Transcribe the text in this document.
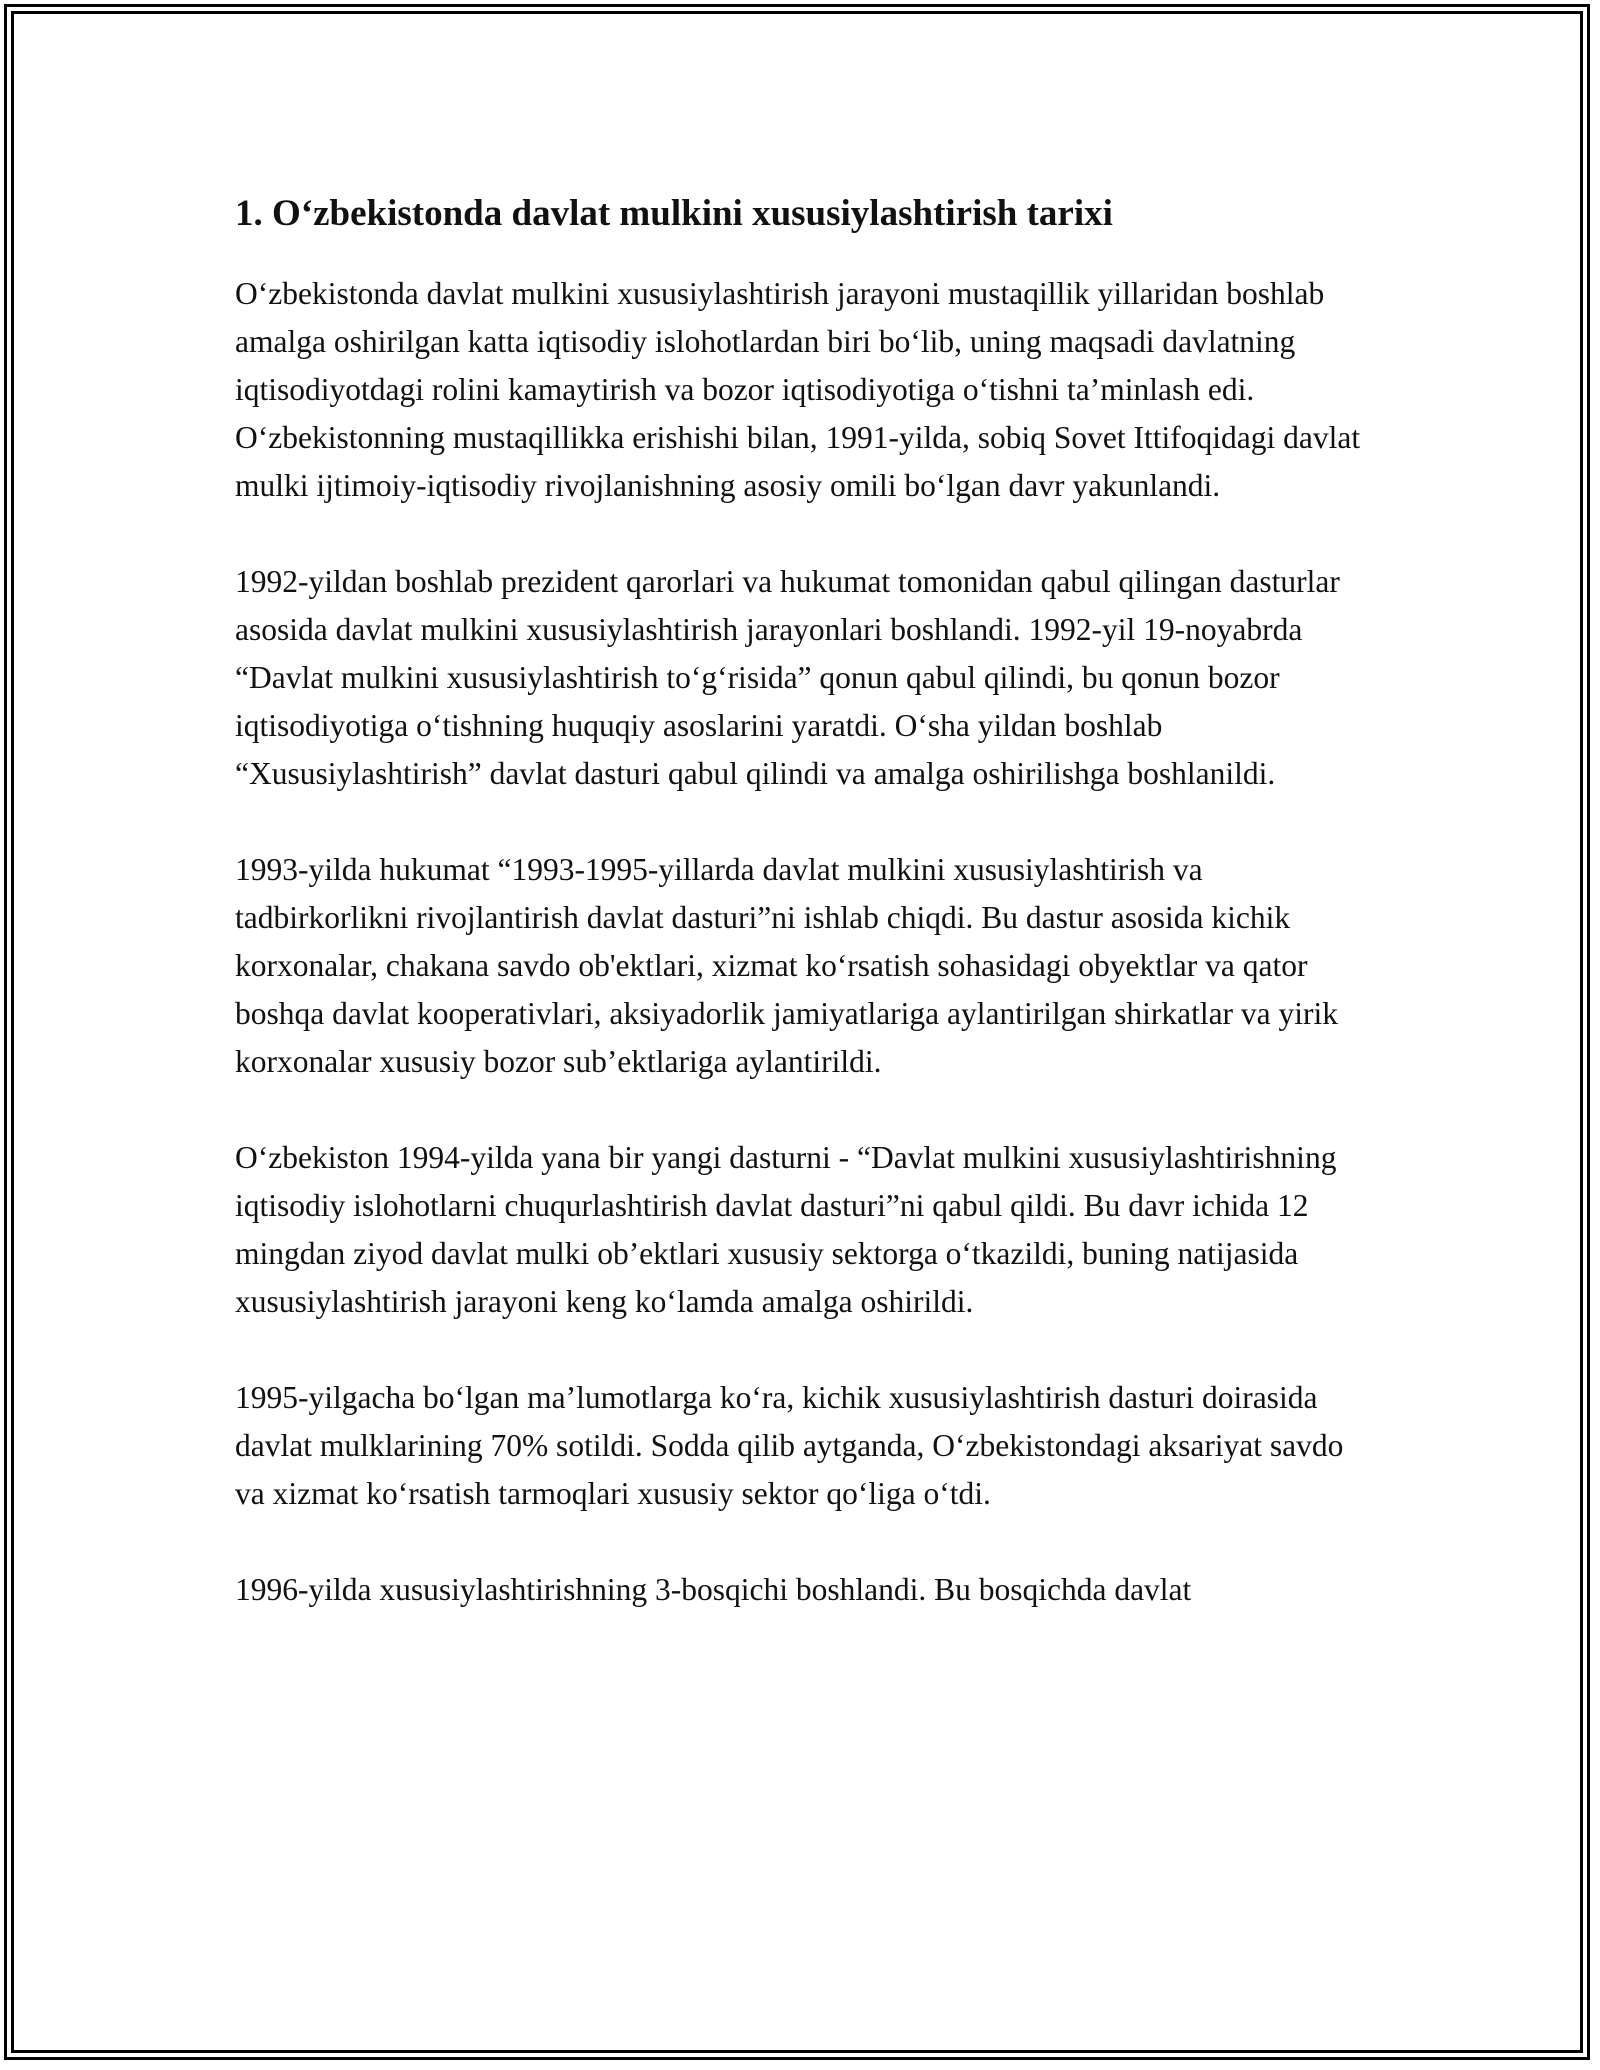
1. O‘zbekistonda davlat mulkini xususiylashtirish tarixi

O‘zbekistonda davlat mulkini xususiylashtirish jarayoni mustaqillik yillaridan boshlab amalga oshirilgan katta iqtisodiy islohotlardan biri bo‘lib, uning maqsadi davlatning iqtisodiyotdagi rolini kamaytirish va bozor iqtisodiyotiga o‘tishni ta’minlash edi. O‘zbekistonning mustaqillikka erishishi bilan, 1991-yilda, sobiq Sovet Ittifoqidagi davlat mulki ijtimoiy-iqtisodiy rivojlanishning asosiy omili bo‘lgan davr yakunlandi.

1992-yildan boshlab prezident qarorlari va hukumat tomonidan qabul qilingan dasturlar asosida davlat mulkini xususiylashtirish jarayonlari boshlandi. 1992-yil 19-noyabrda “Davlat mulkini xususiylashtirish to‘g‘risida” qonun qabul qilindi, bu qonun bozor iqtisodiyotiga o‘tishning huquqiy asoslarini yaratdi. O‘sha yildan boshlab “Xususiylashtirish” davlat dasturi qabul qilindi va amalga oshirilishga boshlanildi.

1993-yilda hukumat “1993-1995-yillarda davlat mulkini xususiylashtirish va tadbirkorlikni rivojlantirish davlat dasturi”ni ishlab chiqdi. Bu dastur asosida kichik korxonalar, chakana savdo ob'ektlari, xizmat ko‘rsatish sohasidagi obyektlar va qator boshqa davlat kooperativlari, aksiyadorlik jamiyatlariga aylantirilgan shirkatlar va yirik korxonalar xususiy bozor sub’ektlariga aylantirildi.

O‘zbekiston 1994-yilda yana bir yangi dasturni - “Davlat mulkini xususiylashtirishning iqtisodiy islohotlarni chuqurlashtirish davlat dasturi”ni qabul qildi. Bu davr ichida 12 mingdan ziyod davlat mulki ob’ektlari xususiy sektorga o‘tkazildi, buning natijasida xususiylashtirish jarayoni keng ko‘lamda amalga oshirildi.

1995-yilgacha bo‘lgan ma’lumotlarga ko‘ra, kichik xususiylashtirish dasturi doirasida davlat mulklarining 70% sotildi. Sodda qilib aytganda, O‘zbekistondagi aksariyat savdo va xizmat ko‘rsatish tarmoqlari xususiy sektor qo‘liga o‘tdi.

1996-yilda xususiylashtirishning 3-bosqichi boshlandi. Bu bosqichda davlat
